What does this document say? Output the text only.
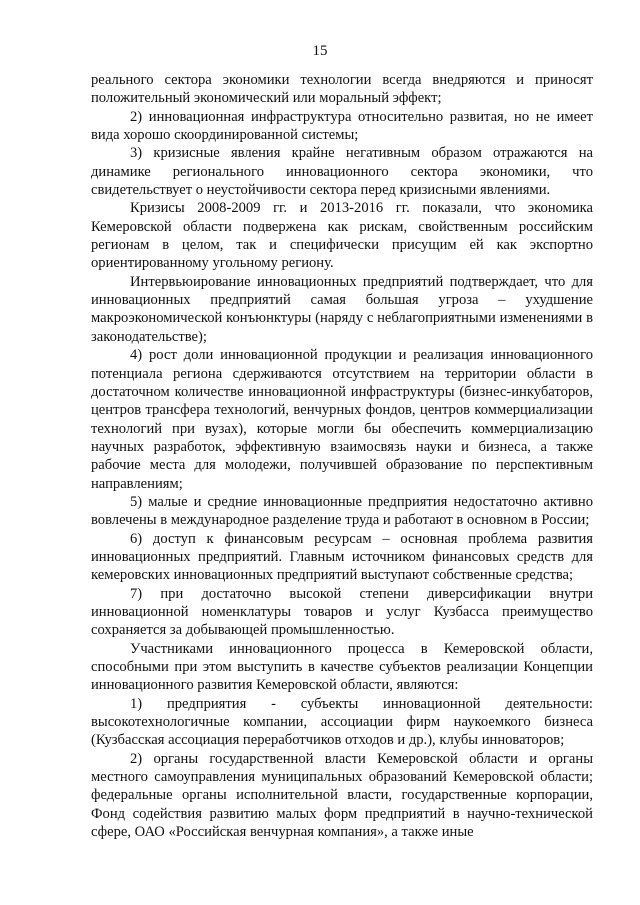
15

реального сектора экономики технологии всегда внедряются и приносят положительный экономический или моральный эффект;

2) инновационная инфраструктура относительно развитая, но не имеет вида хорошо скоординированной системы;

3) кризисные явления крайне негативным образом отражаются на динамике регионального инновационного сектора экономики, что свидетельствует о неустойчивости сектора перед кризисными явлениями.

Кризисы 2008-2009 гг. и 2013-2016 гг. показали, что экономика Кемеровской области подвержена как рискам, свойственным российским регионам в целом, так и специфически присущим ей как экспортно ориентированному угольному региону.

Интервьюирование инновационных предприятий подтверждает, что для инновационных предприятий самая большая угроза – ухудшение макроэкономической конъюнктуры (наряду с неблагоприятными изменениями в законодательстве);

4) рост доли инновационной продукции и реализация инновационного потенциала региона сдерживаются отсутствием на территории области в достаточном количестве инновационной инфраструктуры (бизнес-инкубаторов, центров трансфера технологий, венчурных фондов, центров коммерциализации технологий при вузах), которые могли бы обеспечить коммерциализацию научных разработок, эффективную взаимосвязь науки и бизнеса, а также рабочие места для молодежи, получившей образование по перспективным направлениям;

5) малые и средние инновационные предприятия недостаточно активно вовлечены в международное разделение труда и работают в основном в России;

6) доступ к финансовым ресурсам – основная проблема развития инновационных предприятий. Главным источником финансовых средств для кемеровских инновационных предприятий выступают собственные средства;

7) при достаточно высокой степени диверсификации внутри инновационной номенклатуры товаров и услуг Кузбасса преимущество сохраняется за добывающей промышленностью.

Участниками инновационного процесса в Кемеровской области, способными при этом выступить в качестве субъектов реализации Концепции инновационного развития Кемеровской области, являются:

1) предприятия - субъекты инновационной деятельности: высокотехнологичные компании, ассоциации фирм наукоемкого бизнеса (Кузбасская ассоциация переработчиков отходов и др.), клубы инноваторов;

2) органы государственной власти Кемеровской области и органы местного самоуправления муниципальных образований Кемеровской области; федеральные органы исполнительной власти, государственные корпорации, Фонд содействия развитию малых форм предприятий в научно-технической сфере, ОАО «Российская венчурная компания», а также иные
